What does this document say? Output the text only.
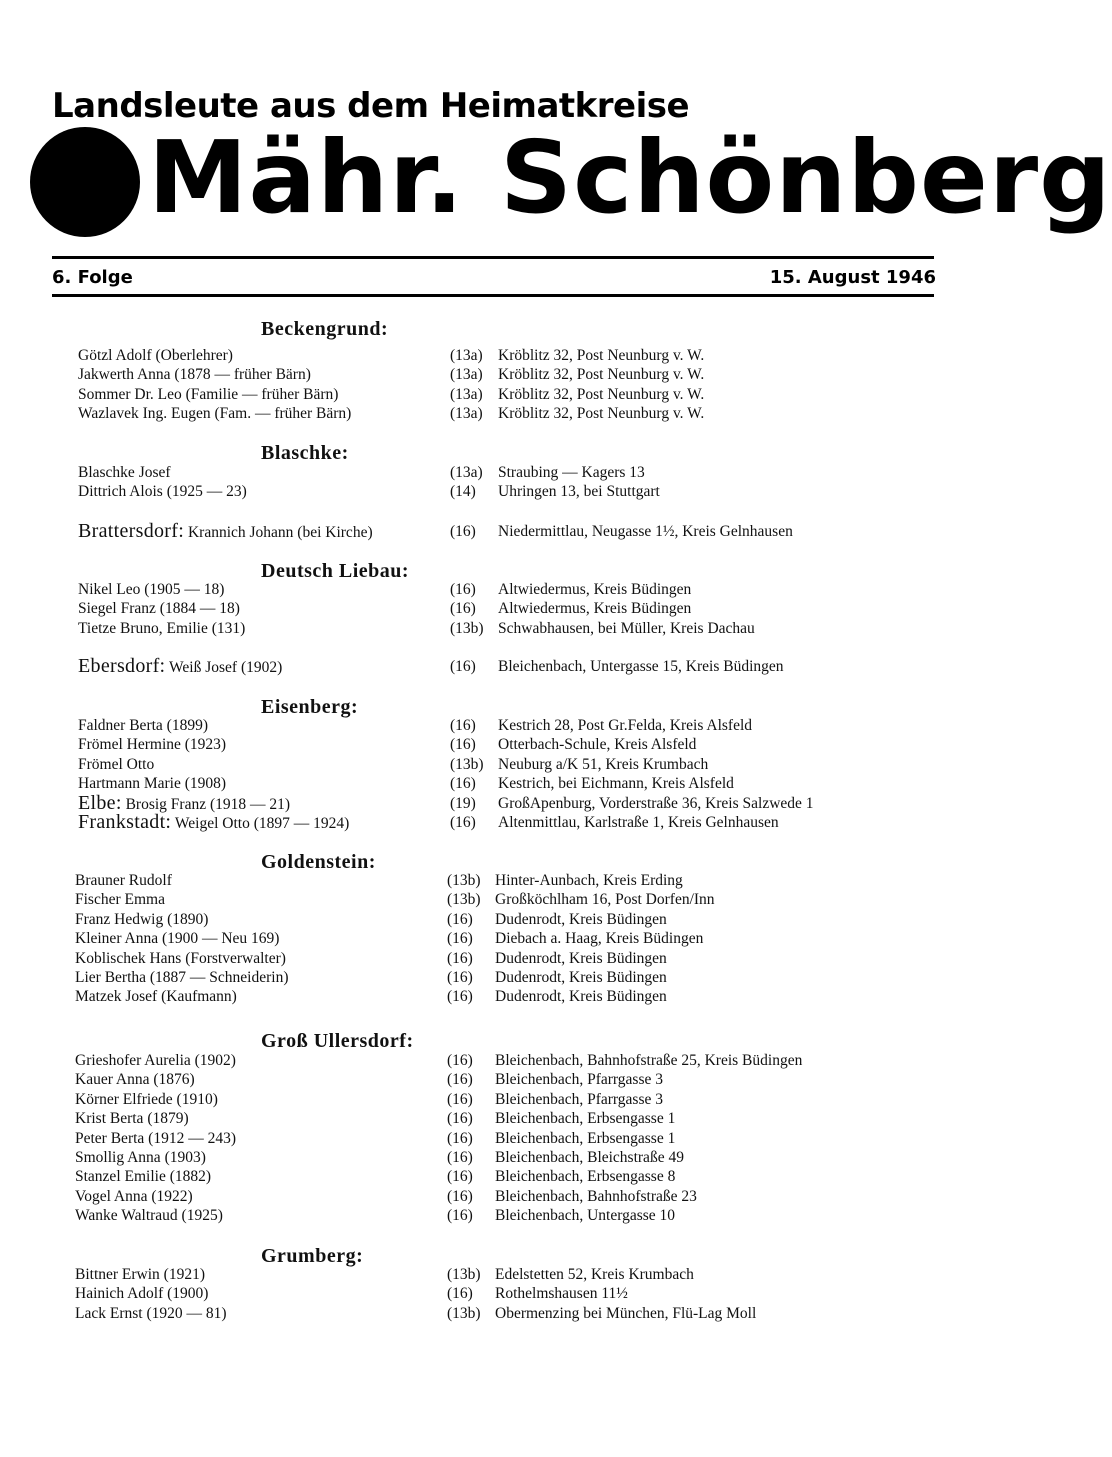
Landsleute aus dem Heimatkreise
Mähr. Schönberg

6. Folge	15. August 1946

Beckengrund:
Götzl Adolf (Oberlehrer)	(13a) Kröblitz 32, Post Neunburg v. W.
Jakwerth Anna (1878 — früher Bärn)	(13a) Kröblitz 32, Post Neunburg v. W.
Sommer Dr. Leo (Familie — früher Bärn)	(13a) Kröblitz 32, Post Neunburg v. W.
Wazlavek Ing. Eugen (Fam. — früher Bärn)	(13a) Kröblitz 32, Post Neunburg v. W.
Blaschke:
Blaschke Josef	(13a) Straubing — Kagers 13
Dittrich Alois (1925 — 23)	(14) Uhringen 13, bei Stuttgart
Brattersdorf: Krannich Johann (bei Kirche)	(16) Niedermittlau, Neugasse 1½, Kreis Gelnhausen
Deutsch Liebau:
Nikel Leo (1905 — 18)	(16) Altwiedermus, Kreis Büdingen
Siegel Franz (1884 — 18)	(16) Altwiedermus, Kreis Büdingen
Tietze Bruno, Emilie (131)	(13b) Schwabhausen, bei Müller, Kreis Dachau
Ebersdorf: Weiß Josef (1902)	(16) Bleichenbach, Untergasse 15, Kreis Büdingen
Eisenberg:
Faldner Berta (1899)	(16) Kestrich 28, Post Gr.Felda, Kreis Alsfeld
Frömel Hermine (1923)	(16) Otterbach-Schule, Kreis Alsfeld
Frömel Otto	(13b) Neuburg a/K 51, Kreis Krumbach
Hartmann Marie (1908)	(16) Kestrich, bei Eichmann, Kreis Alsfeld
Elbe: Brosig Franz (1918 — 21)	(19) GroßApenburg, Vorderstraße 36, Kreis Salzwede 1
Frankstadt: Weigel Otto (1897 — 1924)	(16) Altenmittlau, Karlstraße 1, Kreis Gelnhausen
Goldenstein:
Brauner Rudolf	(13b) Hinter-Aunbach, Kreis Erding
Fischer Emma	(13b) Großköchlham 16, Post Dorfen/Inn
Franz Hedwig (1890)	(16) Dudenrodt, Kreis Büdingen
Kleiner Anna (1900 — Neu 169)	(16) Diebach a. Haag, Kreis Büdingen
Koblischek Hans (Forstverwalter)	(16) Dudenrodt, Kreis Büdingen
Lier Bertha (1887 — Schneiderin)	(16) Dudenrodt, Kreis Büdingen
Matzek Josef (Kaufmann)	(16) Dudenrodt, Kreis Büdingen
Groß Ullersdorf:
Grieshofer Aurelia (1902)	(16) Bleichenbach, Bahnhofstraße 25, Kreis Büdingen
Kauer Anna (1876)	(16) Bleichenbach, Pfarrgasse 3
Körner Elfriede (1910)	(16) Bleichenbach, Pfarrgasse 3
Krist Berta (1879)	(16) Bleichenbach, Erbsengasse 1
Peter Berta (1912 — 243)	(16) Bleichenbach, Erbsengasse 1
Smollig Anna (1903)	(16) Bleichenbach, Bleichstraße 49
Stanzel Emilie (1882)	(16) Bleichenbach, Erbsengasse 8
Vogel Anna (1922)	(16) Bleichenbach, Bahnhofstraße 23
Wanke Waltraud (1925)	(16) Bleichenbach, Untergasse 10
Grumberg:
Bittner Erwin (1921)	(13b) Edelstetten 52, Kreis Krumbach
Hainich Adolf (1900)	(16) Rothelmshausen 11½
Lack Ernst (1920 — 81)	(13b) Obermenzing bei München, Flü-Lag Moll
